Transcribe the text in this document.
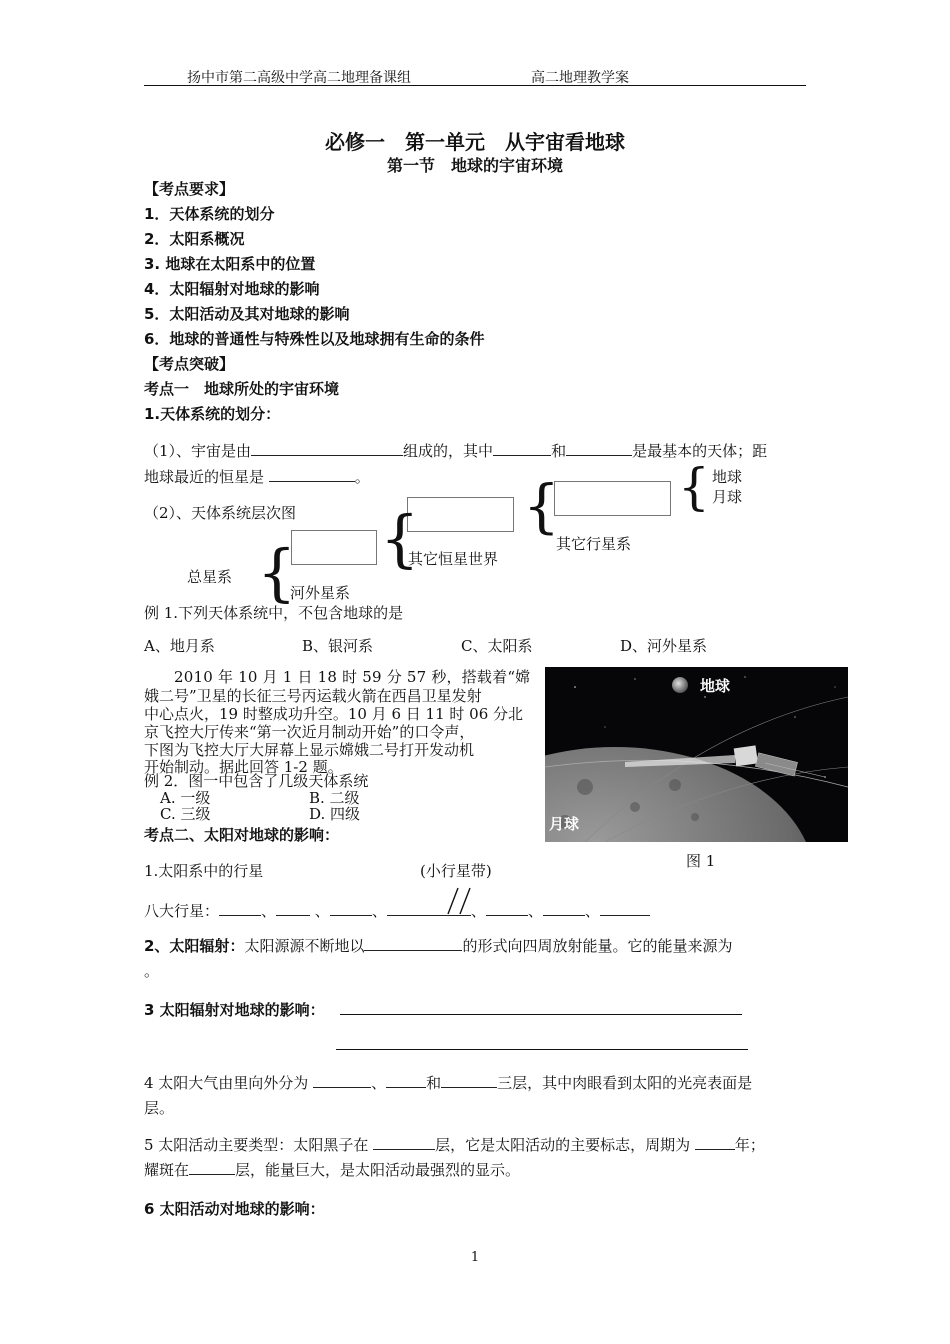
扬中市第二高级中学高二地理备课组	高二地理教学案
必修一　第一单元　从宇宙看地球
第一节　地球的宇宙环境
【考点要求】
1．天体系统的划分
2．太阳系概况
3. 地球在太阳系中的位置
4．太阳辐射对地球的影响
5．太阳活动及其对地球的影响
6．地球的普通性与特殊性以及地球拥有生命的条件
【考点突破】
考点一　地球所处的宇宙环境
1.天体系统的划分：
（1）、宇宙是由	组成的，其中	和	是最基本的天体；距
地球最近的恒星是	。
（2）、天体系统层次图	{
{
{
{
地球
月球
其它行星系
其它恒星世界
总星系
河外星系
例 1.下列天体系统中，不包含地球的是
A、地月系	B、银河系	C、太阳系	D、河外星系
2010 年 10 月 1 日 18 时 59 分 57 秒，搭载着“嫦
娥二号”卫星的长征三号丙运载火箭在西昌卫星发射
中心点火，19 时整成功升空。10 月 6 日 11 时 06 分北
京飞控大厅传来“第一次近月制动开始”的口令声，
下图为飞控大厅大屏幕上显示嫦娥二号打开发动机
开始制动。据此回答 1-2 题。
例 2．图一中包含了几级天体系统
A. 一级	B. 二级
C. 三级	D. 四级
考点二、太阳对地球的影响：
地球
月球
图 1
1.太阳系中的行星	(小行星带)
八大行星：	、 、	、	、	、	、
2、太阳辐射：太阳源源不断地以	的形式向四周放射能量。它的能量来源为
。
3 太阳辐射对地球的影响：
4 太阳大气由里向外分为	、	和	三层，其中肉眼看到太阳的光亮表面是
层。
5 太阳活动主要类型：太阳黑子在	层，它是太阳活动的主要标志，周期为	年；
耀斑在	层，能量巨大，是太阳活动最强烈的显示。
6 太阳活动对地球的影响：
1
